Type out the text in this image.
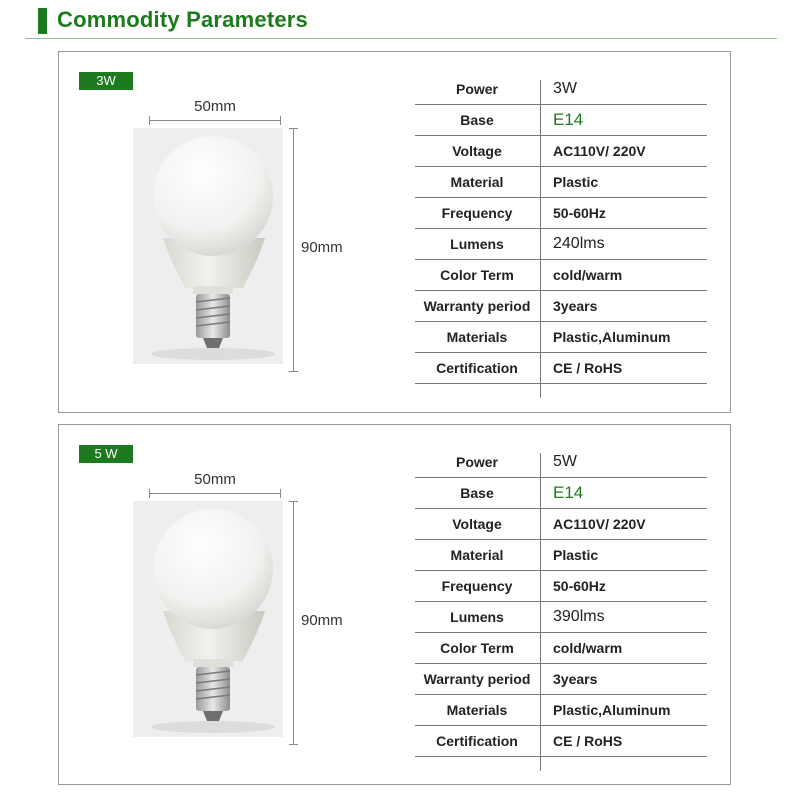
Commodity Parameters
3W
50mm
90mm
Power	3W
Base	E14
Voltage	AC110V/ 220V
Material	Plastic
Frequency	50-60Hz
Lumens	240lms
Color Term	cold/warm
Warranty period	3years
Materials	Plastic,Aluminum
Certification	CE / RoHS
5 W
50mm
90mm
Power	5W
Base	E14
Voltage	AC110V/ 220V
Material	Plastic
Frequency	50-60Hz
Lumens	390lms
Color Term	cold/warm
Warranty period	3years
Materials	Plastic,Aluminum
Certification	CE / RoHS
